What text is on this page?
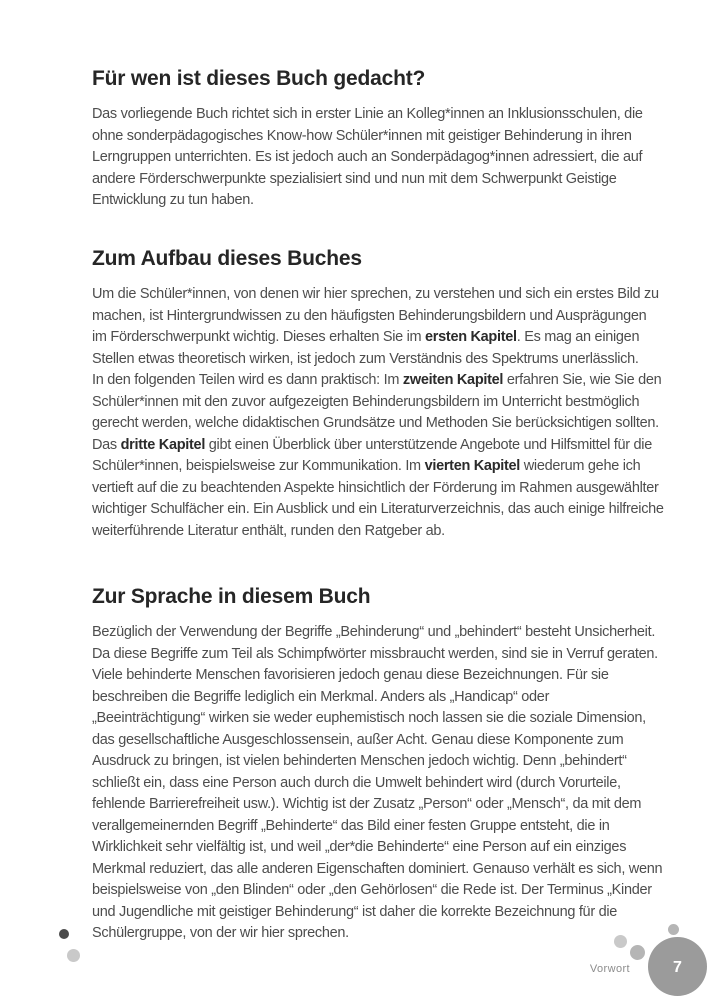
Für wen ist dieses Buch gedacht?

Das vorliegende Buch richtet sich in erster Linie an Kolleg*innen an Inklusionsschulen, die ohne sonderpädagogisches Know-how Schüler*innen mit geistiger Behinderung in ihren Lerngruppen unterrichten. Es ist jedoch auch an Sonderpädagog*innen adressiert, die auf andere Förderschwerpunkte spezialisiert sind und nun mit dem Schwerpunkt Geistige Entwicklung zu tun haben.

Zum Aufbau dieses Buches

Um die Schüler*innen, von denen wir hier sprechen, zu verstehen und sich ein erstes Bild zu machen, ist Hintergrundwissen zu den häufigsten Behinderungsbildern und Ausprägungen im Förderschwerpunkt wichtig. Dieses erhalten Sie im ersten Kapitel. Es mag an einigen Stellen etwas theoretisch wirken, ist jedoch zum Verständnis des Spektrums unerlässlich.

In den folgenden Teilen wird es dann praktisch: Im zweiten Kapitel erfahren Sie, wie Sie den Schüler*innen mit den zuvor aufgezeigten Behinderungsbildern im Unterricht bestmöglich gerecht werden, welche didaktischen Grundsätze und Methoden Sie berücksichtigen sollten. Das dritte Kapitel gibt einen Überblick über unterstützende Angebote und Hilfsmittel für die Schüler*innen, beispielsweise zur Kommunikation. Im vierten Kapitel wiederum gehe ich vertieft auf die zu beachtenden Aspekte hinsichtlich der Förderung im Rahmen ausgewählter wichtiger Schulfächer ein. Ein Ausblick und ein Literaturverzeichnis, das auch einige hilfreiche weiterführende Literatur enthält, runden den Ratgeber ab.

Zur Sprache in diesem Buch

Bezüglich der Verwendung der Begriffe „Behinderung“ und „behindert“ besteht Unsicherheit. Da diese Begriffe zum Teil als Schimpfwörter missbraucht werden, sind sie in Verruf geraten. Viele behinderte Menschen favorisieren jedoch genau diese Bezeichnungen. Für sie beschreiben die Begriffe lediglich ein Merkmal. Anders als „Handicap“ oder „Beeinträchtigung“ wirken sie weder euphemistisch noch lassen sie die soziale Dimension, das gesellschaftliche Ausgeschlossensein, außer Acht. Genau diese Komponente zum Ausdruck zu bringen, ist vielen behinderten Menschen jedoch wichtig. Denn „behindert“ schließt ein, dass eine Person auch durch die Umwelt behindert wird (durch Vorurteile, fehlende Barrierefreiheit usw.). Wichtig ist der Zusatz „Person“ oder „Mensch“, da mit dem verallgemeinernden Begriff „Behinderte“ das Bild einer festen Gruppe entsteht, die in Wirklichkeit sehr vielfältig ist, und weil „der*die Behinderte“ eine Person auf ein einziges Merkmal reduziert, das alle anderen Eigenschaften dominiert. Genauso verhält es sich, wenn beispielsweise von „den Blinden“ oder „den Gehörlosen“ die Rede ist. Der Terminus „Kinder und Jugendliche mit geistiger Behinderung“ ist daher die korrekte Bezeichnung für die Schülergruppe, von der wir hier sprechen.

Vorwort	7
